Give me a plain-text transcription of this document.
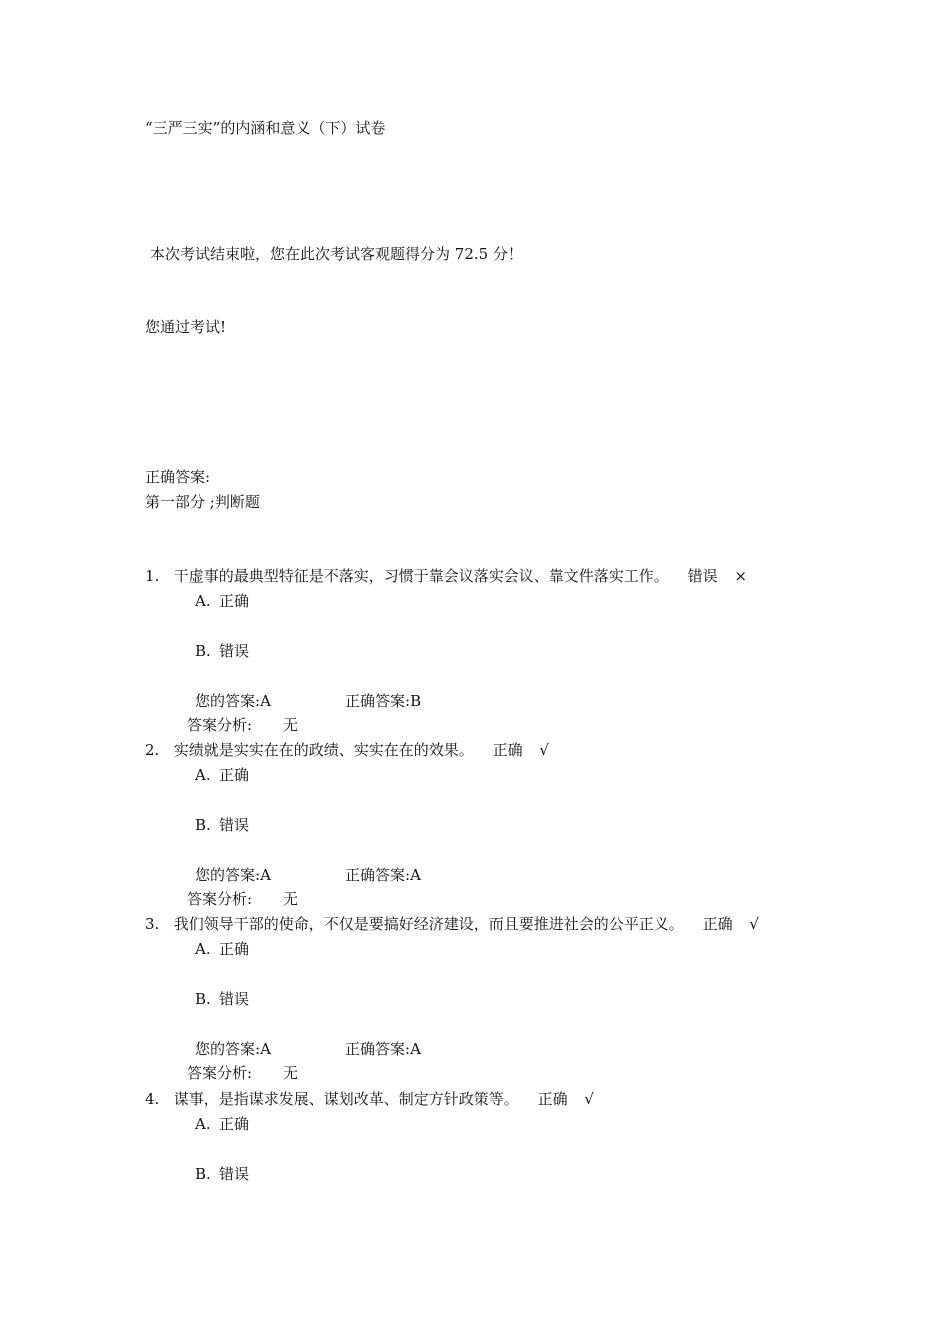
“三严三实”的内涵和意义（下）试卷
本次考试结束啦，您在此次考试客观题得分为 72.5 分！
您通过考试!
正确答案:
第一部分 ;判断题
1. 干虚事的最典型特征是不落实，习惯于靠会议落实会议、靠文件落实工作。 错误 ×
A. 正确
B. 错误
您的答案:A	正确答案:B
答案分析: 无
2. 实绩就是实实在在的政绩、实实在在的效果。 正确 √
A. 正确
B. 错误
您的答案:A	正确答案:A
答案分析: 无
3. 我们领导干部的使命，不仅是要搞好经济建设，而且要推进社会的公平正义。 正确 √
A. 正确
B. 错误
您的答案:A	正确答案:A
答案分析: 无
4. 谋事，是指谋求发展、谋划改革、制定方针政策等。 正确 √
A. 正确
B. 错误
